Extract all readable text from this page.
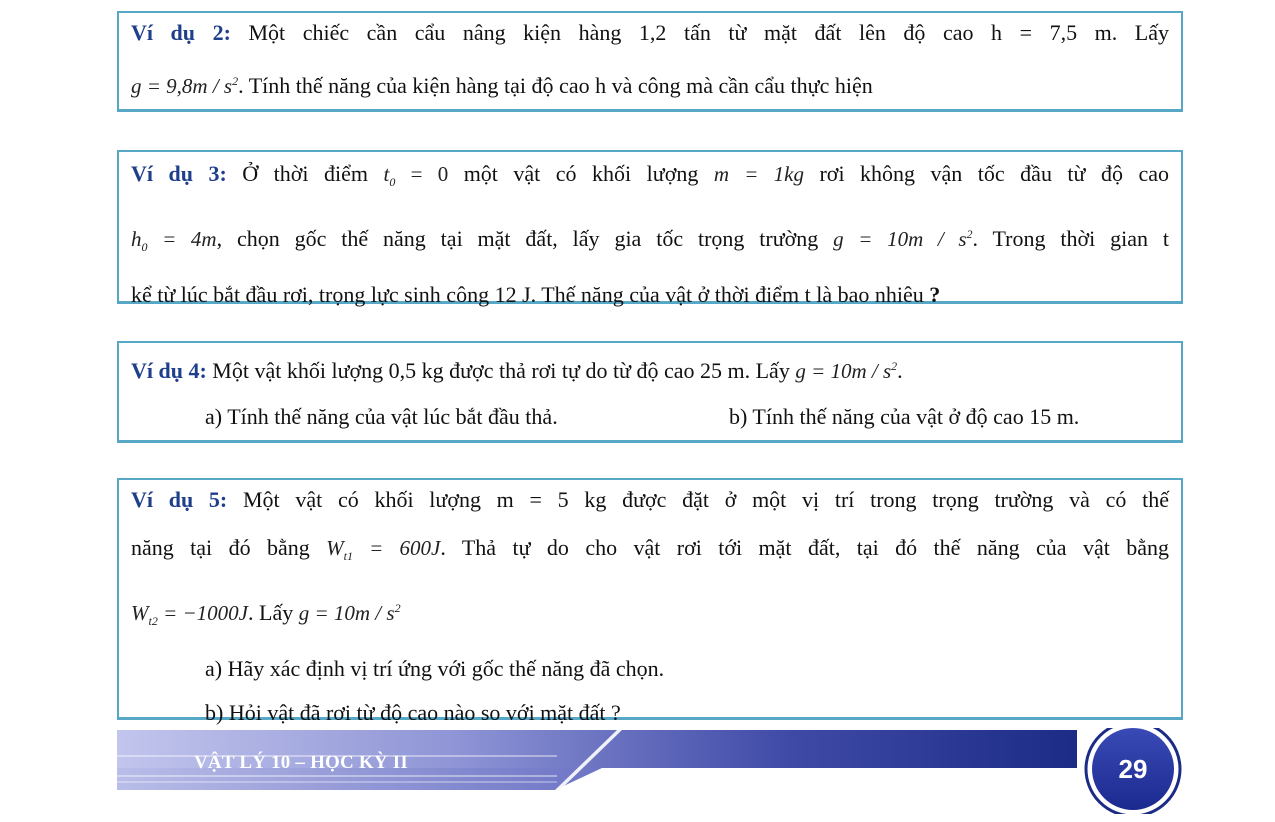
Ví dụ 2: Một chiếc cần cẩu nâng kiện hàng 1,2 tấn từ mặt đất lên độ cao h = 7,5 m. Lấy
$g = 9,8m / s^2$. Tính thế năng của kiện hàng tại độ cao h và công mà cần cẩu thực hiện
Ví dụ 3: Ở thời điểm $t_0 = 0$ một vật có khối lượng m = 1kg rơi không vận tốc đầu từ độ cao
$h_0 = 4m$, chọn gốc thế năng tại mặt đất, lấy gia tốc trọng trường $g = 10m / s^2$. Trong thời gian t
kể từ lúc bắt đầu rơi, trọng lực sinh công 12 J. Thế năng của vật ở thời điểm t là bao nhiêu ?
Ví dụ 4: Một vật khối lượng 0,5 kg được thả rơi tự do từ độ cao 25 m. Lấy $g = 10m / s^2$.
a) Tính thế năng của vật lúc bắt đầu thả.	b) Tính thế năng của vật ở độ cao 15 m.
Ví dụ 5: Một vật có khối lượng m = 5 kg được đặt ở một vị trí trong trọng trường và có thế
năng tại đó bằng $W_{t1} = 600J$. Thả tự do cho vật rơi tới mặt đất, tại đó thế năng của vật bằng
$W_{t2} = -1000J$. Lấy $g = 10m / s^2$
a) Hãy xác định vị trí ứng với gốc thế năng đã chọn.
b) Hỏi vật đã rơi từ độ cao nào so với mặt đất ?
VẬT LÝ 10 – HỌC KỲ II	29
